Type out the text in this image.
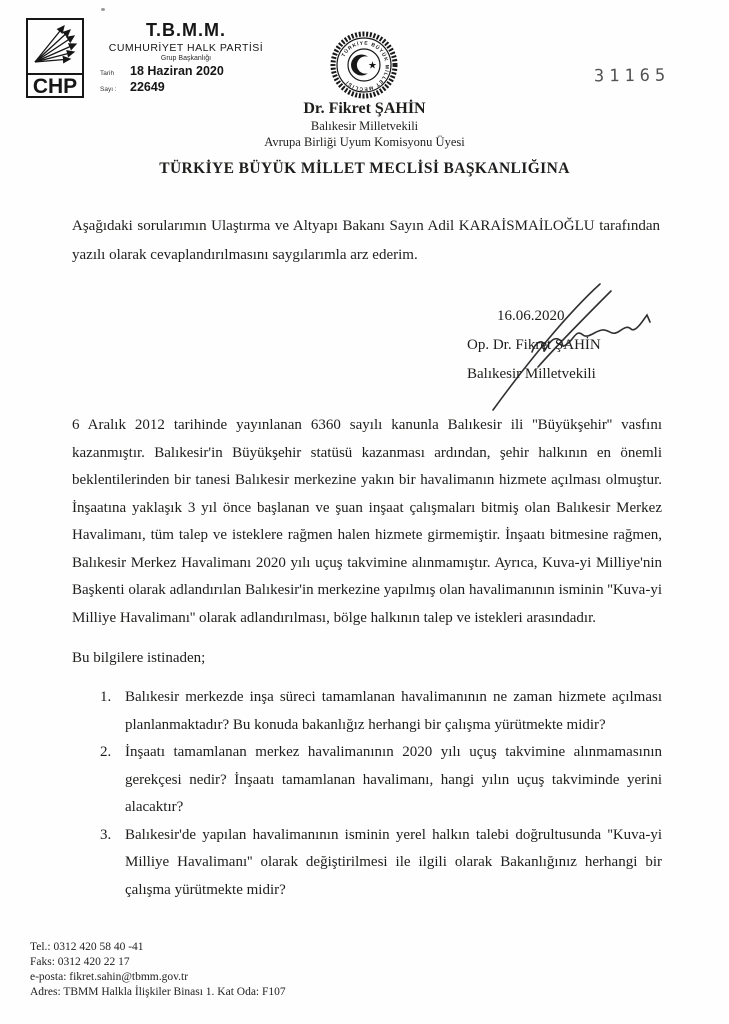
CHP
T.B.M.M.
CUMHURİYET HALK PARTİSİ
Grup Başkanlığı
Tarih	18 Haziran 2020
Sayı :	22649
TÜRKİYE BÜYÜK MİLLET MECLİSİ
★	31165
Dr. Fikret ŞAHİN
Balıkesir Milletvekili
Avrupa Birliği Uyum Komisyonu Üyesi
TÜRKİYE BÜYÜK MİLLET MECLİSİ BAŞKANLIĞINA

Aşağıdaki sorularımın Ulaştırma ve Altyapı Bakanı Sayın Adil KARAİSMAİLOĞLU tarafından yazılı olarak cevaplandırılmasını saygılarımla arz ederim.

16.06.2020
Op. Dr. Fikret ŞAHİN
Balıkesir Milletvekili

6 Aralık 2012 tarihinde yayınlanan 6360 sayılı kanunla Balıkesir ili ''Büyükşehir'' vasfını kazanmıştır. Balıkesir'in Büyükşehir statüsü kazanması ardından, şehir halkının en önemli beklentilerinden bir tanesi Balıkesir merkezine yakın bir havalimanın hizmete açılması olmuştur. İnşaatına yaklaşık 3 yıl önce başlanan ve şuan inşaat çalışmaları bitmiş olan Balıkesir Merkez Havalimanı, tüm talep ve isteklere rağmen halen hizmete girmemiştir. İnşaatı bitmesine rağmen, Balıkesir Merkez Havalimanı 2020 yılı uçuş takvimine alınmamıştır. Ayrıca, Kuva-yi Milliye'nin Başkenti olarak adlandırılan Balıkesir'in merkezine yapılmış olan havalimanının isminin ''Kuva-yi Milliye Havalimanı'' olarak adlandırılması, bölge halkının talep ve istekleri arasındadır.

Bu bilgilere istinaden;

1. Balıkesir merkezde inşa süreci tamamlanan havalimanının ne zaman hizmete açılması planlanmaktadır? Bu konuda bakanlığız herhangi bir çalışma yürütmekte midir?
2. İnşaatı tamamlanan merkez havalimanının 2020 yılı uçuş takvimine alınmamasının gerekçesi nedir? İnşaatı tamamlanan havalimanı, hangi yılın uçuş takviminde yerini alacaktır?
3. Balıkesir'de yapılan havalimanının isminin yerel halkın talebi doğrultusunda ''Kuva-yi Milliye Havalimanı'' olarak değiştirilmesi ile ilgili olarak Bakanlığınız herhangi bir çalışma yürütmekte midir?
Tel.: 0312 420 58 40 -41
Faks: 0312 420 22 17
e-posta: fikret.sahin@tbmm.gov.tr
Adres: TBMM Halkla İlişkiler Binası 1. Kat Oda: F107
